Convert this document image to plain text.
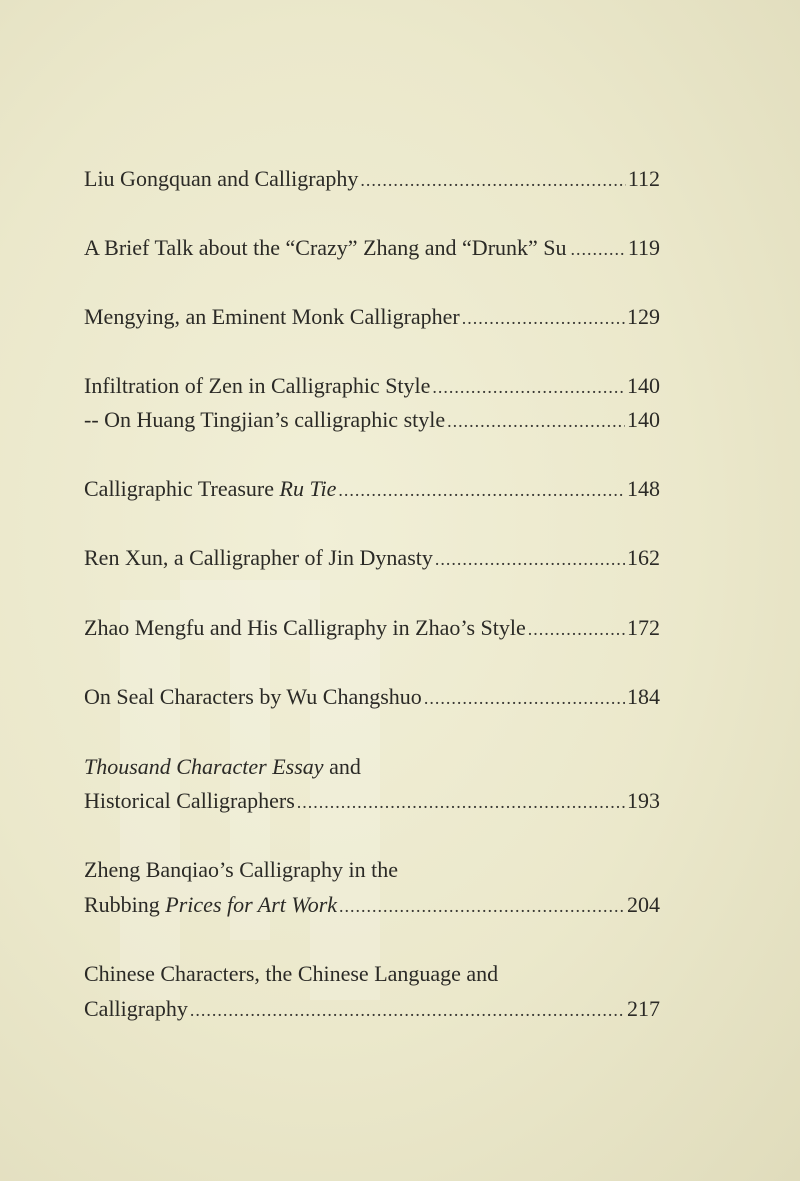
Liu Gongquan and Calligraphy .....	112
A Brief Talk about the “Crazy” Zhang and “Drunk” Su .....	119
Mengying, an Eminent Monk Calligrapher .....	129
Infiltration of Zen in Calligraphic Style .....	140
-- On Huang Tingjian’s calligraphic style .....	140
Calligraphic Treasure Ru Tie .....	148
Ren Xun, a Calligrapher of Jin Dynasty .....	162
Zhao Mengfu and His Calligraphy in Zhao’s Style .....	172
On Seal Characters by Wu Changshuo .....	184
Thousand Character Essay and
Historical Calligraphers .....	193
Zheng Banqiao’s Calligraphy in the
Rubbing Prices for Art Work .....	204
Chinese Characters, the Chinese Language and
Calligraphy .....	217
